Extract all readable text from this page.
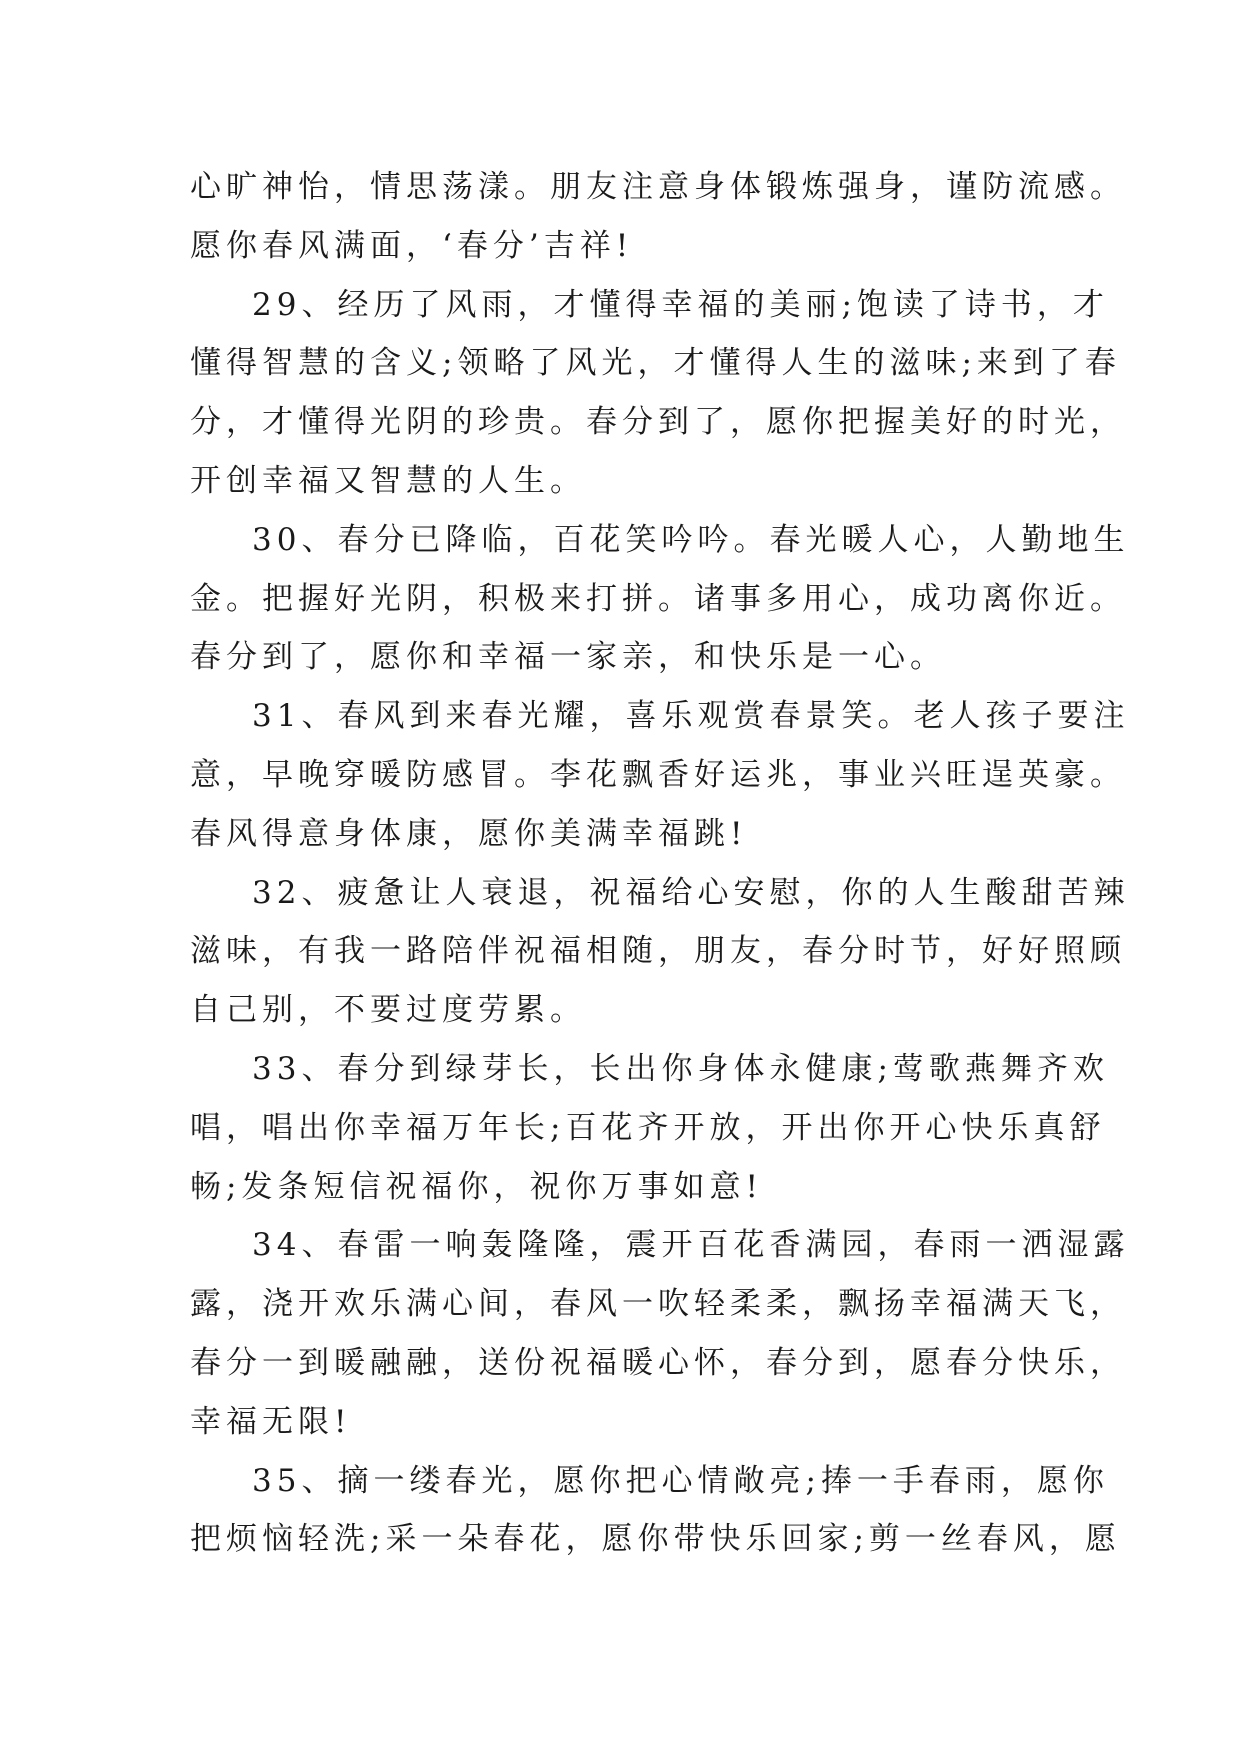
心旷神怡，情思荡漾。朋友注意身体锻炼强身，谨防流感。
愿你春风满面，‘春分’吉祥!
29、经历了风雨，才懂得幸福的美丽;饱读了诗书，才
懂得智慧的含义;领略了风光，才懂得人生的滋味;来到了春
分，才懂得光阴的珍贵。春分到了，愿你把握美好的时光，
开创幸福又智慧的人生。
30、春分已降临，百花笑吟吟。春光暖人心，人勤地生
金。把握好光阴，积极来打拼。诸事多用心，成功离你近。
春分到了，愿你和幸福一家亲，和快乐是一心。
31、春风到来春光耀，喜乐观赏春景笑。老人孩子要注
意，早晚穿暖防感冒。李花飘香好运兆，事业兴旺逞英豪。
春风得意身体康，愿你美满幸福跳!
32、疲惫让人衰退，祝福给心安慰，你的人生酸甜苦辣
滋味，有我一路陪伴祝福相随，朋友，春分时节，好好照顾
自己别，不要过度劳累。
33、春分到绿芽长，长出你身体永健康;莺歌燕舞齐欢
唱，唱出你幸福万年长;百花齐开放，开出你开心快乐真舒
畅;发条短信祝福你，祝你万事如意!
34、春雷一响轰隆隆，震开百花香满园，春雨一洒湿露
露，浇开欢乐满心间，春风一吹轻柔柔，飘扬幸福满天飞，
春分一到暖融融，送份祝福暖心怀，春分到，愿春分快乐，
幸福无限!
35、摘一缕春光，愿你把心情敞亮;捧一手春雨，愿你
把烦恼轻洗;采一朵春花，愿你带快乐回家;剪一丝春风，愿
